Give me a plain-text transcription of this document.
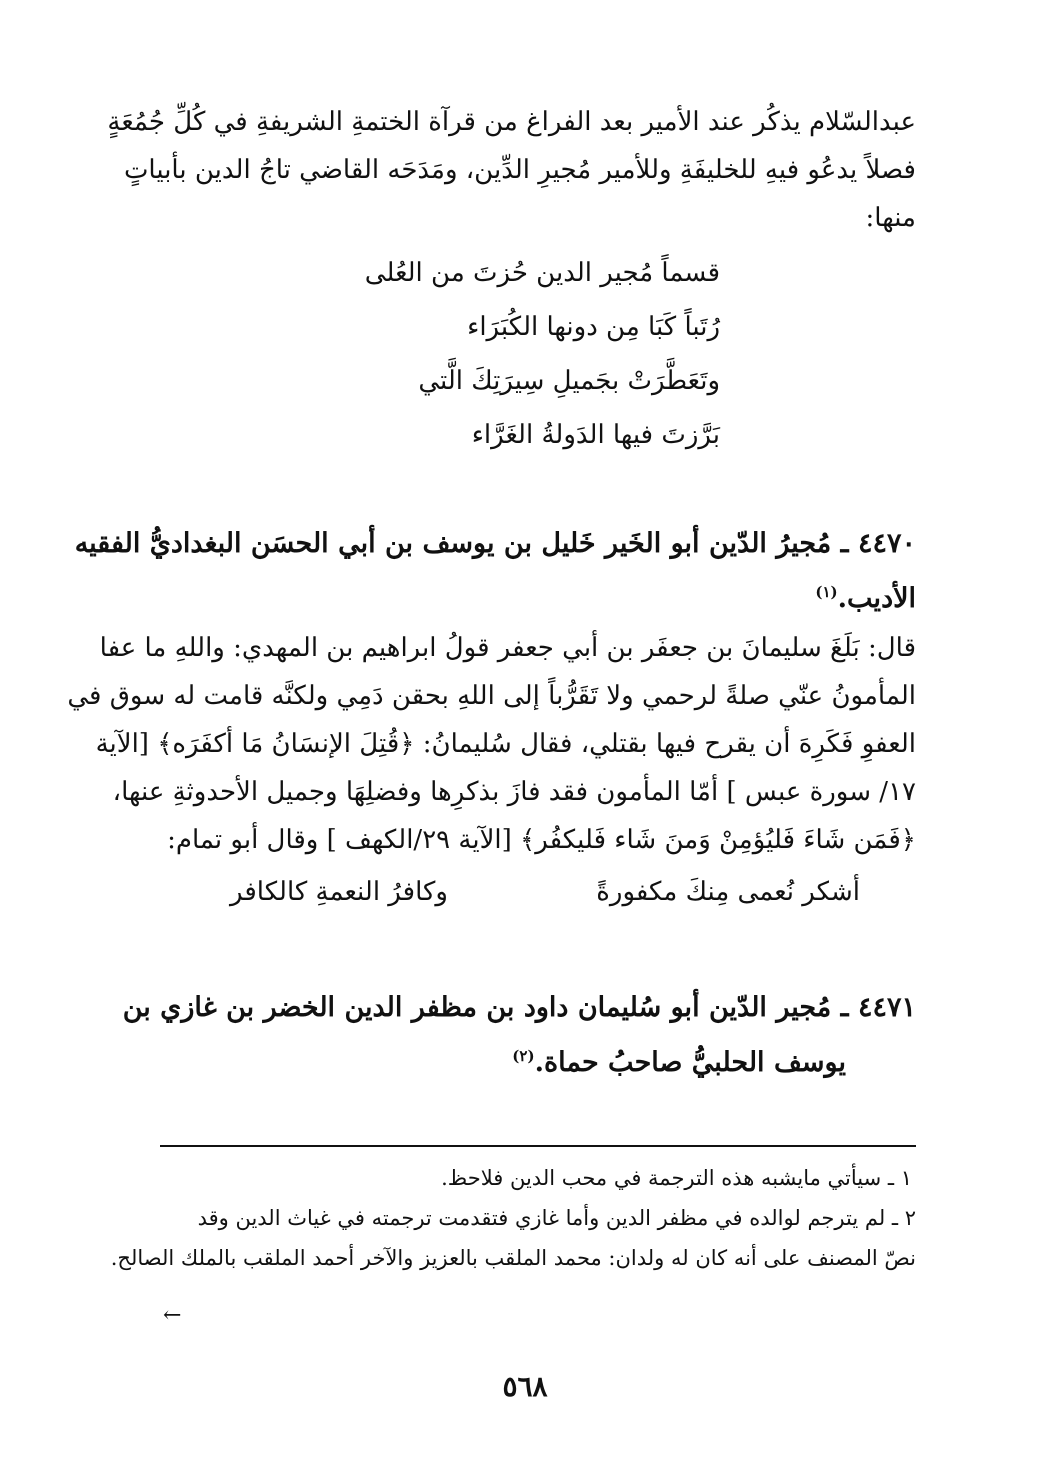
عبدالسّلام يذكُر عند الأمير بعد الفراغ من قرآة الختمةِ الشريفةِ في كُلِّ جُمُعَةٍ
فصلاً يدعُو فيهِ للخليفَةِ وللأمير مُجيرِ الدِّين، ومَدَحَه القاضي تاجُ الدين بأبياتٍ
منها:
قسماً مُجير الدين حُزتَ من العُلى
رُتَباً كَبَا مِن دونها الكُبَرَاء
وتَعَطَّرَتْ بجَميلِ سِيرَتِكَ الَّتي
بَرَّزتَ فيها الدَولةُ الغَرَّاء
٤٤٧٠ ـ مُجيرُ الدّين أبو الخَير خَليل بن يوسف بن أبي الحسَن البغداديُّ الفقيه
الأديب.$^{(١)}$
قال: بَلَغَ سليمانَ بن جعفَر بن أبي جعفر قولُ ابراهيم بن المهدي: واللهِ ما عفا
المأمونُ عنّي صلةً لرحمي ولا تَقَرُّباً إلى اللهِ بحقن دَمِي ولكنَّه قامت له سوق في
العفوِ فَكَرِهَ أن يقرح فيها بقتلي، فقال سُليمانُ: ﴿قُتِلَ الإنسَانُ مَا أكفَرَه﴾ [الآية
١٧/ سورة عبس ] أمّا المأمون فقد فازَ بذكرِها وفضلِهَا وجميل الأحدوثةِ عنها،
﴿فَمَن شَاءَ فَليُؤمِنْ وَمنَ شَاء فَليكفُر﴾ [الآية ٢٩/الكهف ] وقال أبو تمام:
أشكر نُعمى مِنكَ مكفورةً
وكافرُ النعمةِ كالكافر
٤٤٧١ ـ مُجير الدّين أبو سُليمان داود بن مظفر الدين الخضر بن غازي بن
يوسف الحلبيُّ صاحبُ حماة.$^{(٢)}$
١ ـ سيأتي مايشبه هذه الترجمة في محب الدين فلاحظ.
٢ ـ لم يترجم لوالده في مظفر الدين وأما غازي فتقدمت ترجمته في غياث الدين وقد
نصّ المصنف على أنه كان له ولدان: محمد الملقب بالعزيز والآخر أحمد الملقب بالملك الصالح.
←
٥٦٨
